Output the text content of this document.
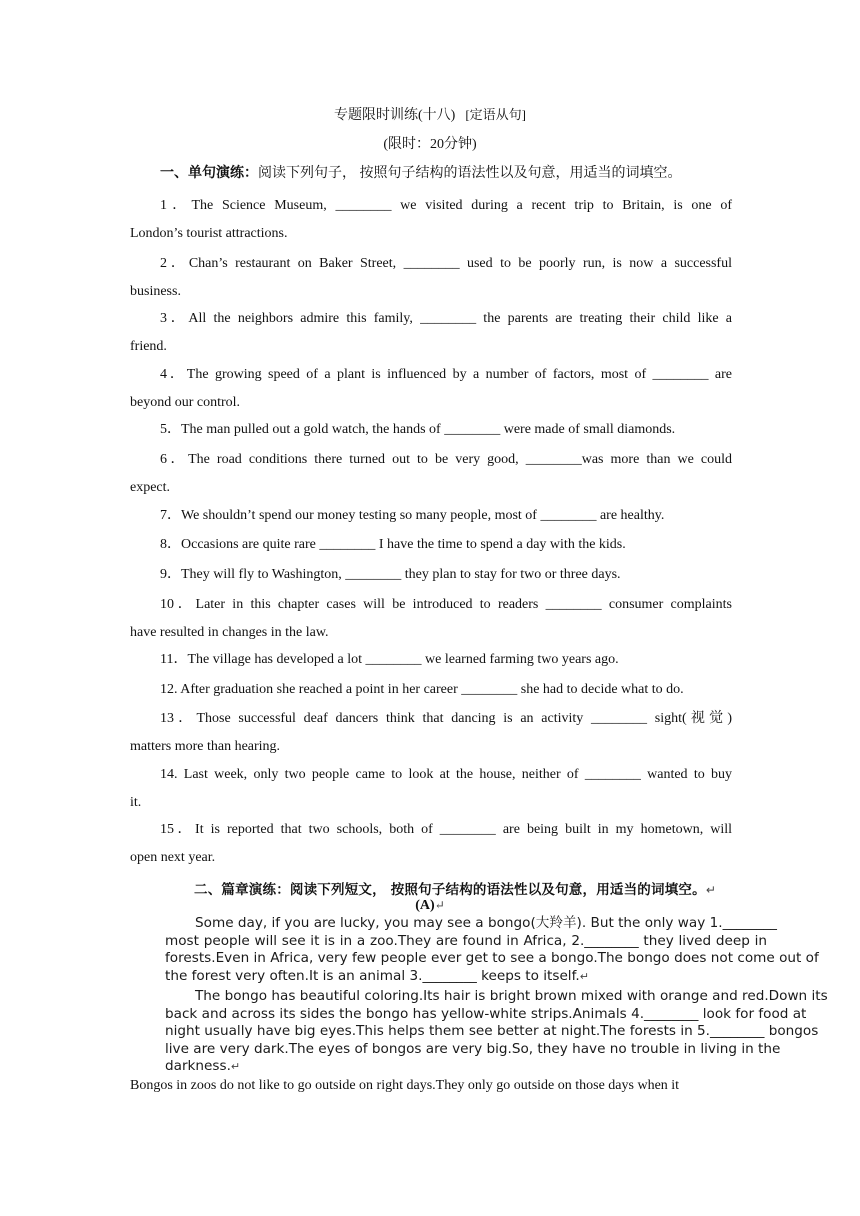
专题限时训练(十八) [定语从句]
(限时：20分钟)
一、单句演练：阅读下列句子， 按照句子结构的语法性以及句意，用适当的词填空。
1．The Science Museum, ________ we visited during a recent trip to Britain, is one of
London’s tourist attractions.
2．Chan’s restaurant on Baker Street, ________ used to be poorly run, is now a successful
business.
3．All the neighbors admire this family, ________ the parents are treating their child like a
friend.
4．The growing speed of a plant is influenced by a number of factors, most of ________ are
beyond our control.
5．The man pulled out a gold watch, the hands of ________ were made of small diamonds.
6．The road conditions there turned out to be very good, ________was more than we could
expect.
7．We shouldn’t spend our money testing so many people, most of ________ are healthy.
8．Occasions are quite rare ________ I have the time to spend a day with the kids.
9．They will fly to Washington, ________ they plan to stay for two or three days.
10．Later in this chapter cases will be introduced to readers ________ consumer complaints
have resulted in changes in the law.
11．The village has developed a lot ________ we learned farming two years ago.
12. After graduation she reached a point in her career ________ she had to decide what to do.
13．Those successful deaf dancers think that dancing is an activity ________ sight(视觉)
matters more than hearing.
14. Last week, only two people came to look at the house, neither of ________ wanted to buy
it.
15．It is reported that two schools, both of ________ are being built in my hometown, will
open next year.
二、篇章演练：阅读下列短文， 按照句子结构的语法性以及句意，用适当的词填空。↵
(A)↵
Some day, if you are lucky, you may see a bongo(大羚羊). But the only way 1.________
most people will see it is in a zoo.They are found in Africa, 2.________ they lived deep in
forests.Even in Africa, very few people ever get to see a bongo.The bongo does not come out of
the forest very often.It is an animal 3.________ keeps to itself.↵
The bongo has beautiful coloring.Its hair is bright brown mixed with orange and red.Down its
back and across its sides the bongo has yellow-white strips.Animals 4.________ look for food at
night usually have big eyes.This helps them see better at night.The forests in 5.________ bongos
live are very dark.The eyes of bongos are very big.So, they have no trouble in living in the
darkness.↵
Bongos in zoos do not like to go outside on right days.They only go outside on those days when it
